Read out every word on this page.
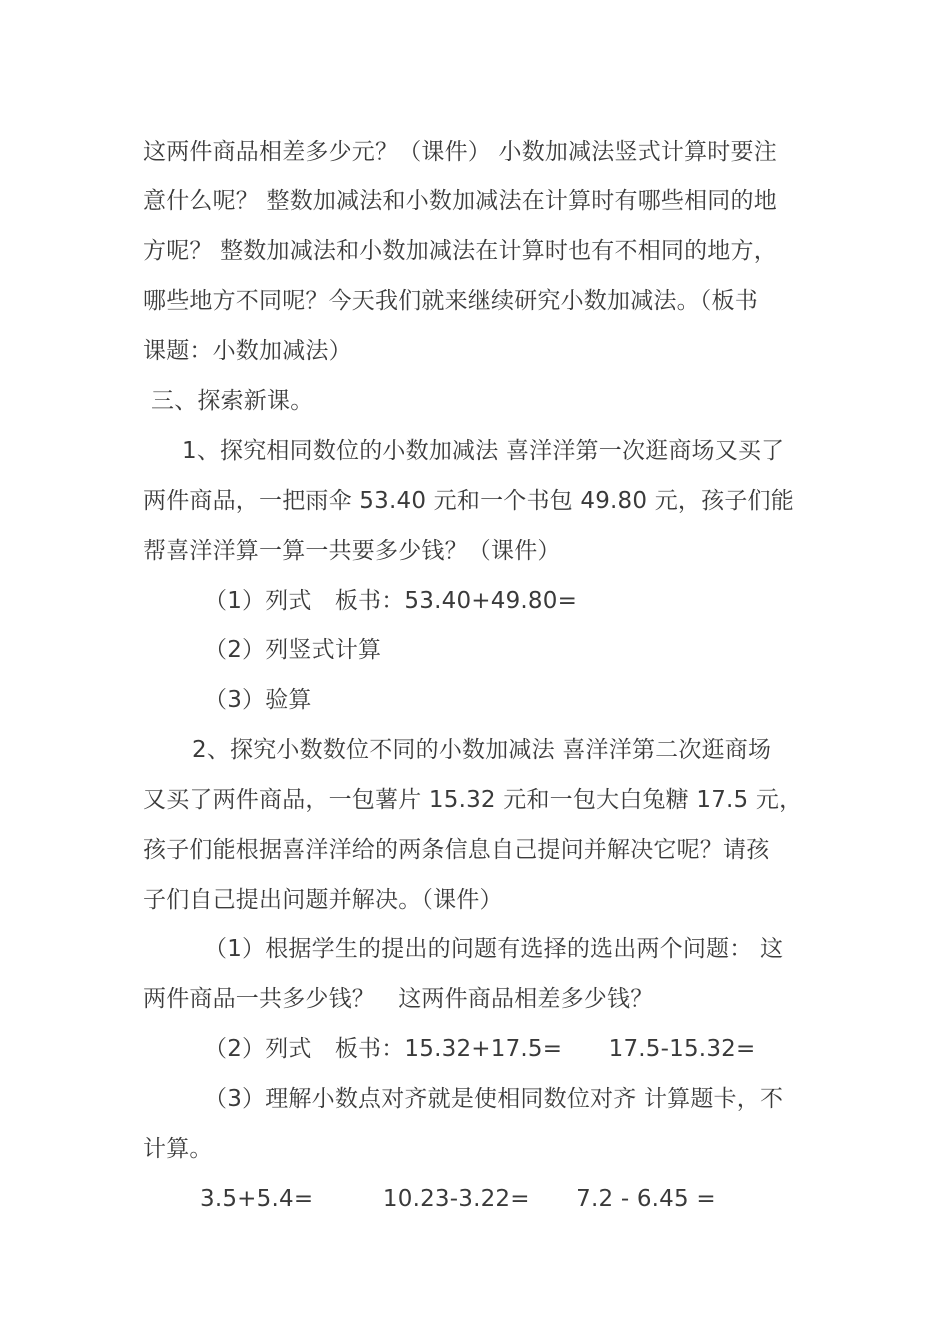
这两件商品相差多少元？（课件） 小数加减法竖式计算时要注
意什么呢？ 整数加减法和小数加减法在计算时有哪些相同的地
方呢？ 整数加减法和小数加减法在计算时也有不相同的地方，
哪些地方不同呢？今天我们就来继续研究小数加减法。（板书
课题：小数加减法）
三、探索新课。
1、探究相同数位的小数加减法 喜洋洋第一次逛商场又买了
两件商品，一把雨伞 53.40 元和一个书包 49.80 元，孩子们能
帮喜洋洋算一算一共要多少钱？（课件）
（1）列式　板书：53.40+49.80=
（2）列竖式计算
（3）验算
2、探究小数数位不同的小数加减法 喜洋洋第二次逛商场
又买了两件商品，一包薯片 15.32 元和一包大白兔糖 17.5 元，
孩子们能根据喜洋洋给的两条信息自己提问并解决它呢？请孩
子们自己提出问题并解决。（课件）
（1）根据学生的提出的问题有选择的选出两个问题： 这
两件商品一共多少钱？　这两件商品相差多少钱？
（2）列式　板书：15.32+17.5=　　17.5-15.32=
（3）理解小数点对齐就是使相同数位对齐 计算题卡，不
计算。
3.5+5.4=　　　10.23-3.22=　　7.2 - 6.45 =
